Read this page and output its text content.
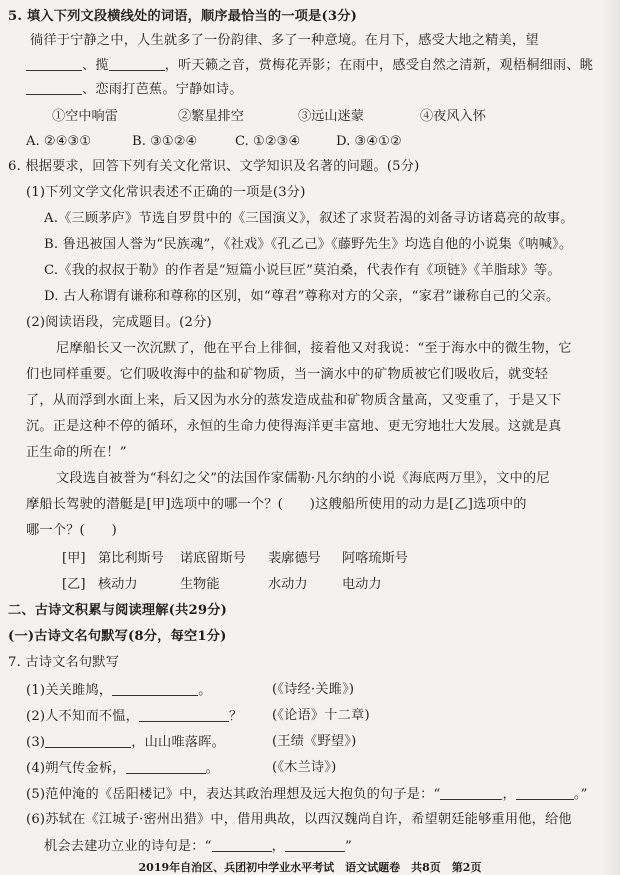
5. 填入下列文段横线处的词语，顺序最恰当的一项是(3分)
徜徉于宁静之中，人生就多了一份韵律、多了一种意境。在月下，感受大地之精美，望
、揽	，听天籁之音，赏梅花弄影；在雨中，感受自然之清新，观梧桐细雨、眺
、恋雨打芭蕉。宁静如诗。
①空中响雷	②繁星排空	③远山迷蒙	④夜风入怀
A. ②④③①	B. ③①②④	C. ①②③④	D. ③④①②
6. 根据要求，回答下列有关文化常识、文学知识及名著的问题。(5分)
(1)下列文学文化常识表述不正确的一项是(3分)
A.《三顾茅庐》节选自罗贯中的《三国演义》，叙述了求贤若渴的刘备寻访诸葛亮的故事。
B. 鲁迅被国人誉为“民族魂”，《社戏》《孔乙己》《藤野先生》均选自他的小说集《呐喊》。
C.《我的叔叔于勒》的作者是“短篇小说巨匠”莫泊桑，代表作有《项链》《羊脂球》等。
D. 古人称谓有谦称和尊称的区别，如“尊君”尊称对方的父亲，“家君”谦称自己的父亲。
(2)阅读语段，完成题目。(2分)
尼摩船长又一次沉默了，他在平台上徘徊，接着他又对我说：“至于海水中的微生物，它
们也同样重要。它们吸收海中的盐和矿物质，当一滴水中的矿物质被它们吸收后，就变轻
了，从而浮到水面上来，后又因为水分的蒸发造成盐和矿物质含量高，又变重了，于是又下
沉。正是这种不停的循环，永恒的生命力使得海洋更丰富地、更无穷地壮大发展。这就是真
正生命的所在！”
文段选自被誉为“科幻之父”的法国作家儒勒·凡尔纳的小说《海底两万里》，文中的尼
摩船长驾驶的潜艇是[甲]选项中的哪一个？(　　)这艘船所使用的动力是[乙]选项中的
哪一个？(　　)
[甲] 第比利斯号 诺底留斯号 裴廓德号 阿喀琉斯号
[乙] 核动力	生物能	水动力	电动力
二、古诗文积累与阅读理解(共29分)
(一)古诗文名句默写(8分，每空1分)
7. 古诗文名句默写
(1)关关雎鸠，	。	(《诗经·关雎》)
(2)人不知而不愠，	？ (《论语》十二章)
(3)	，山山唯落晖。	(王绩《野望》)
(4)朔气传金柝，	。	(《木兰诗》)
(5)范仲淹的《岳阳楼记》中，表达其政治理想及远大抱负的句子是：“	，	。”
(6)苏轼在《江城子·密州出猎》中，借用典故，以西汉魏尚自许，希望朝廷能够重用他，给他
机会去建功立业的诗句是：“	，	”
2019年自治区、兵团初中学业水平考试　语文试题卷　共8页　第2页
